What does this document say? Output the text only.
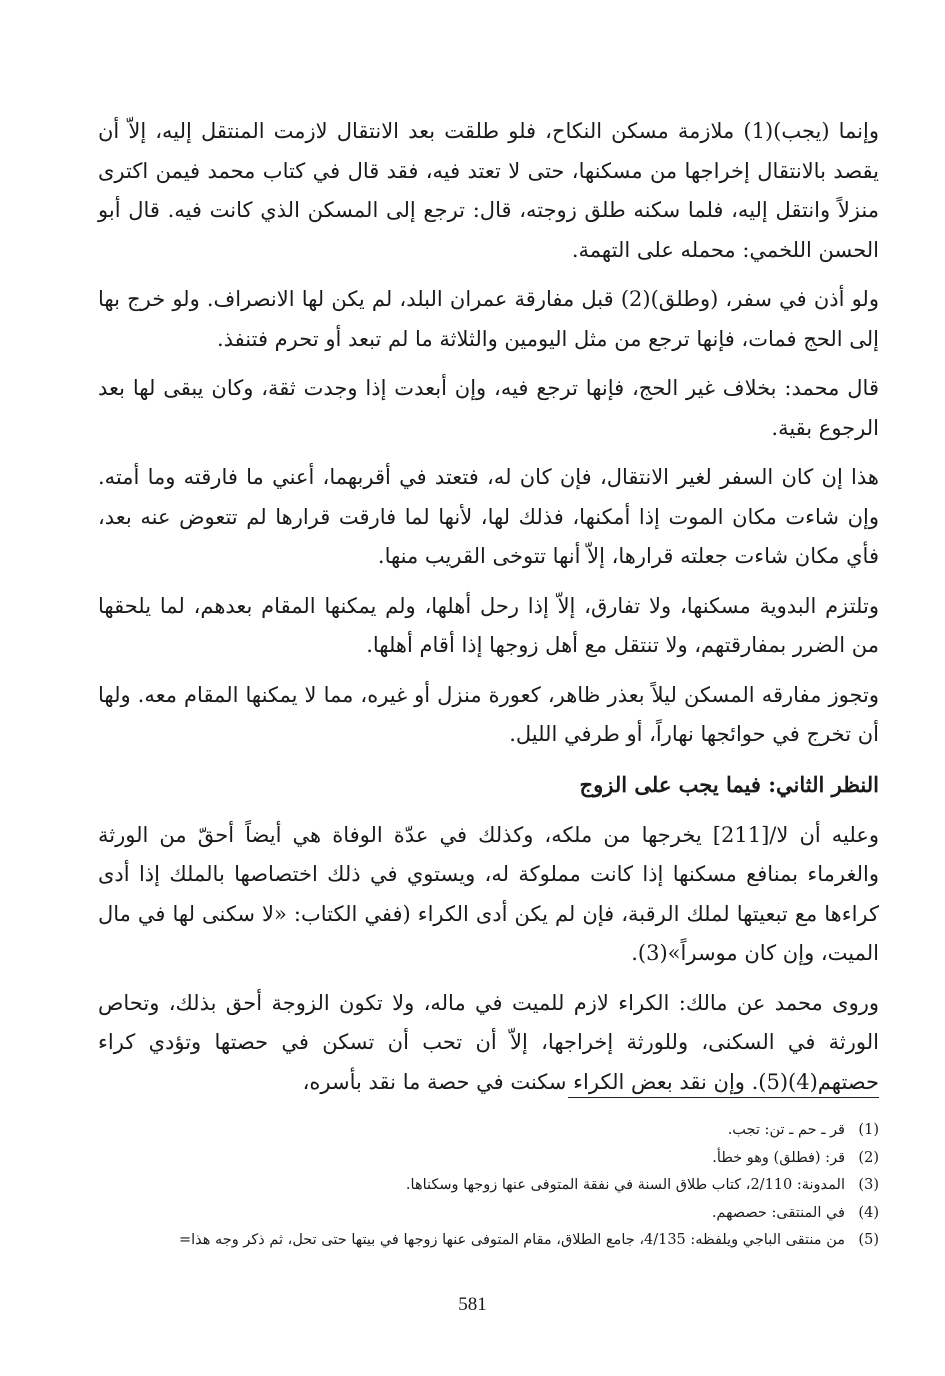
وإنما (يجب)(1) ملازمة مسكن النكاح، فلو طلقت بعد الانتقال لازمت المنتقل إليه، إلاّ أن يقصد بالانتقال إخراجها من مسكنها، حتى لا تعتد فيه، فقد قال في كتاب محمد فيمن اكترى منزلاً وانتقل إليه، فلما سكنه طلق زوجته، قال: ترجع إلى المسكن الذي كانت فيه. قال أبو الحسن اللخمي: محمله على التهمة.

ولو أذن في سفر، (وطلق)(2) قبل مفارقة عمران البلد، لم يكن لها الانصراف. ولو خرج بها إلى الحج فمات، فإنها ترجع من مثل اليومين والثلاثة ما لم تبعد أو تحرم فتنفذ.

قال محمد: بخلاف غير الحج، فإنها ترجع فيه، وإن أبعدت إذا وجدت ثقة، وكان يبقى لها بعد الرجوع بقية.

هذا إن كان السفر لغير الانتقال، فإن كان له، فتعتد في أقربهما، أعني ما فارقته وما أمته. وإن شاءت مكان الموت إذا أمكنها، فذلك لها، لأنها لما فارقت قرارها لم تتعوض عنه بعد، فأي مكان شاءت جعلته قرارها، إلاّ أنها تتوخى القريب منها.

وتلتزم البدوية مسكنها، ولا تفارق، إلاّ إذا رحل أهلها، ولم يمكنها المقام بعدهم، لما يلحقها من الضرر بمفارقتهم، ولا تنتقل مع أهل زوجها إذا أقام أهلها.

وتجوز مفارقه المسكن ليلاً بعذر ظاهر، كعورة منزل أو غيره، مما لا يمكنها المقام معه. ولها أن تخرج في حوائجها نهاراً، أو طرفي الليل.

النظر الثاني: فيما يجب على الزوج

وعليه أن لا/[211] يخرجها من ملكه، وكذلك في عدّة الوفاة هي أيضاً أحقّ من الورثة والغرماء بمنافع مسكنها إذا كانت مملوكة له، ويستوي في ذلك اختصاصها بالملك إذا أدى كراءها مع تبعيتها لملك الرقبة، فإن لم يكن أدى الكراء (ففي الكتاب: «لا سكنى لها في مال الميت، وإن كان موسراً»(3).

وروى محمد عن مالك: الكراء لازم للميت في ماله، ولا تكون الزوجة أحق بذلك، وتحاص الورثة في السكنى، وللورثة إخراجها، إلاّ أن تحب أن تسكن في حصتها وتؤدي كراء حصتهم(4)(5). وإن نقد بعض الكراء سكنت في حصة ما نقد بأسره،

(1)قر ـ حم ـ تن: تجب.
(2)قر: (فطلق) وهو خطأ.
(3)المدونة: 2/110، كتاب طلاق السنة في نفقة المتوفى عنها زوجها وسكناها.
(4)في المنتقى: حصصهم.
(5)من منتقى الباجي ويلفظه: 4/135، جامع الطلاق، مقام المتوفى عنها زوجها في بيتها حتى تحل، ثم ذكر وجه هذا=
581
